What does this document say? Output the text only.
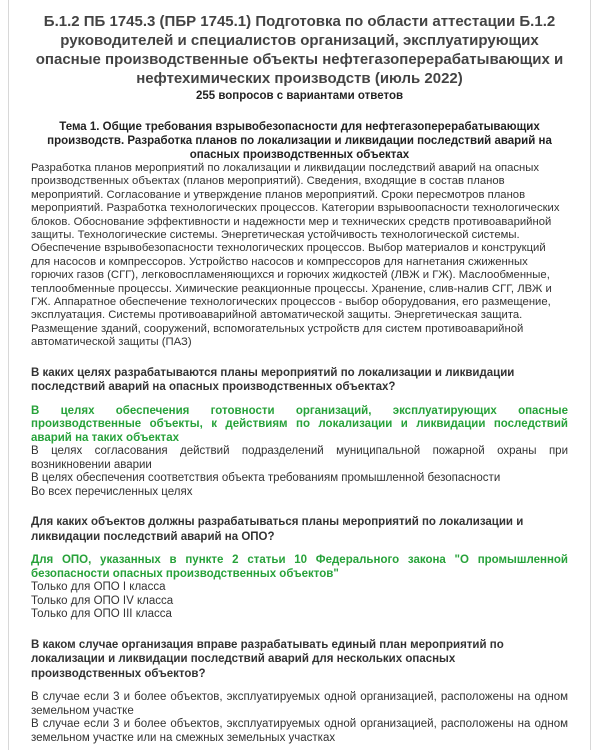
Б.1.2 ПБ 1745.3 (ПБР 1745.1) Подготовка по области аттестации Б.1.2 руководителей и специалистов организаций, эксплуатирующих опасные производственные объекты нефтегазоперерабатывающих и нефтехимических производств (июль 2022)

255 вопросов с вариантами ответов

Тема 1. Общие требования взрывобезопасности для нефтегазоперерабатывающих производств. Разработка планов по локализации и ликвидации последствий аварий на опасных производственных объектах

Разработка планов мероприятий по локализации и ликвидации последствий аварий на опасных производственных объектах (планов мероприятий). Сведения, входящие в состав планов мероприятий. Согласование и утверждение планов мероприятий. Сроки пересмотров планов мероприятий. Разработка технологических процессов. Категории взрывоопасности технологических блоков. Обоснование эффективности и надежности мер и технических средств противоаварийной защиты. Технологические системы. Энергетическая устойчивость технологической системы. Обеспечение взрывобезопасности технологических процессов. Выбор материалов и конструкций для насосов и компрессоров. Устройство насосов и компрессоров для нагнетания сжиженных горючих газов (СГГ), легковоспламеняющихся и горючих жидкостей (ЛВЖ и ГЖ). Маслообменные, теплообменные процессы. Химические реакционные процессы. Хранение, слив-налив СГГ, ЛВЖ и ГЖ. Аппаратное обеспечение технологических процессов - выбор оборудования, его размещение, эксплуатация. Системы противоаварийной автоматической защиты. Энергетическая защита. Размещение зданий, сооружений, вспомогательных устройств для систем противоаварийной автоматической защиты (ПАЗ)

В каких целях разрабатываются планы мероприятий по локализации и ликвидации последствий аварий на опасных производственных объектах?

В целях обеспечения готовности организаций, эксплуатирующих опасные производственные объекты, к действиям по локализации и ликвидации последствий аварий на таких объектах

В целях согласования действий подразделений муниципальной пожарной охраны при возникновении аварии

В целях обеспечения соответствия объекта требованиям промышленной безопасности

Во всех перечисленных целях

Для каких объектов должны разрабатываться планы мероприятий по локализации и ликвидации последствий аварий на ОПО?

Для ОПО, указанных в пункте 2 статьи 10 Федерального закона "О промышленной безопасности опасных производственных объектов"

Только для ОПО I класса

Только для ОПО IV класса

Только для ОПО III класса

В каком случае организация вправе разрабатывать единый план мероприятий по локализации и ликвидации последствий аварий для нескольких опасных производственных объектов?

В случае если 3 и более объектов, эксплуатируемых одной организацией, расположены на одном земельном участке

В случае если 3 и более объектов, эксплуатируемых одной организацией, расположены на одном земельном участке или на смежных земельных участках
